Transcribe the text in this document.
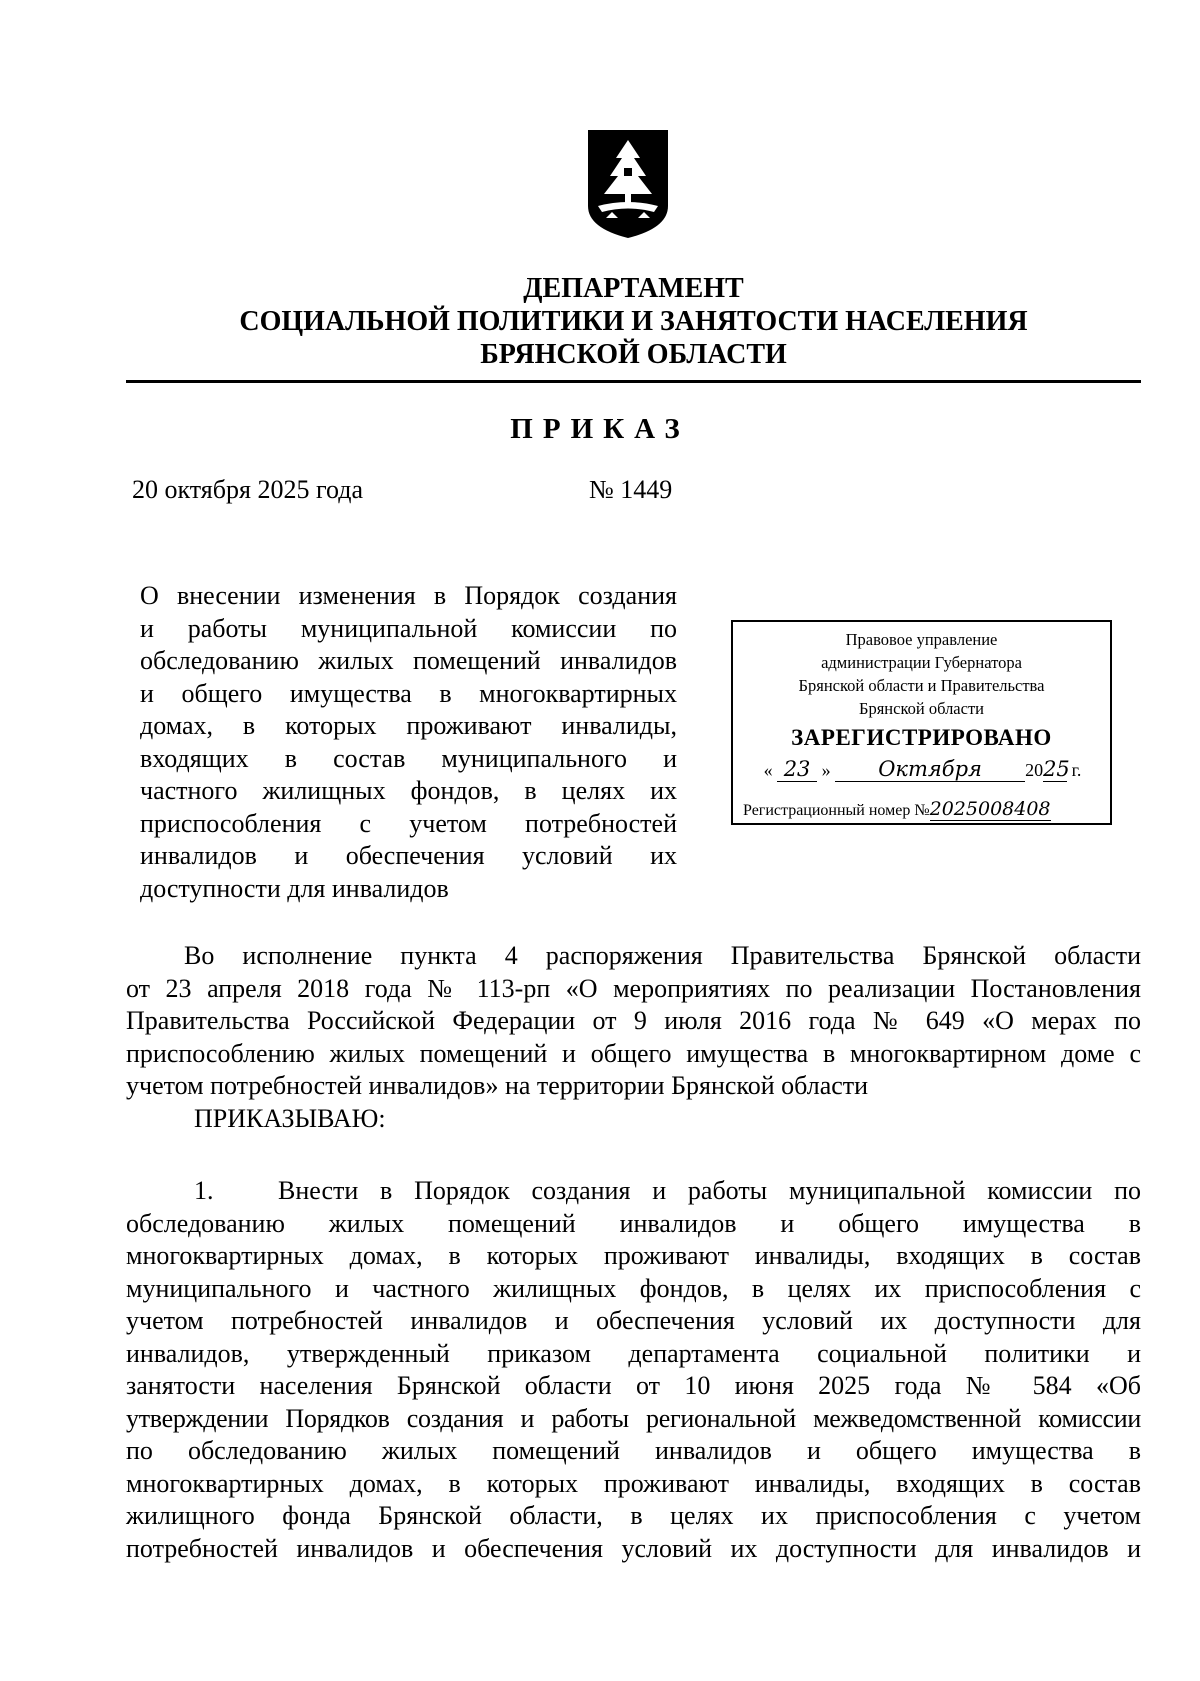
ДЕПАРТАМЕНТ
СОЦИАЛЬНОЙ ПОЛИТИКИ И ЗАНЯТОСТИ НАСЕЛЕНИЯ
БРЯНСКОЙ ОБЛАСТИ
ПРИКАЗ
20 октября 2025 года	№ 1449
О внесении изменения в Порядок создания
и работы муниципальной комиссии по
обследованию жилых помещений инвалидов
и общего имущества в многоквартирных
домах, в которых проживают инвалиды,
входящих в состав муниципального и
частного жилищных фондов, в целях их
приспособления с учетом потребностей
инвалидов и обеспечения условий их
доступности для инвалидов
Правовое управление
администрации Губернатора
Брянской области и Правительства
Брянской области
ЗАРЕГИСТРИРОВАНО
« 23 » Октября 2025 г.
Регистрационный номер №2025008408
Во исполнение пункта 4 распоряжения Правительства Брянской области
от 23 апреля 2018 года № 113-рп «О мероприятиях по реализации Постановления
Правительства Российской Федерации от 9 июля 2016 года № 649 «О мерах по
приспособлению жилых помещений и общего имущества в многоквартирном доме с
учетом потребностей инвалидов» на территории Брянской области
ПРИКАЗЫВАЮ:
1.	Внести в Порядок создания и работы муниципальной комиссии по
обследованию жилых помещений инвалидов и общего имущества в
многоквартирных домах, в которых проживают инвалиды, входящих в состав
муниципального и частного жилищных фондов, в целях их приспособления с
учетом потребностей инвалидов и обеспечения условий их доступности для
инвалидов, утвержденный приказом департамента социальной политики и
занятости населения Брянской области от 10 июня 2025 года № 584 «Об
утверждении Порядков создания и работы региональной межведомственной комиссии
по обследованию жилых помещений инвалидов и общего имущества в
многоквартирных домах, в которых проживают инвалиды, входящих в состав
жилищного фонда Брянской области, в целях их приспособления с учетом
потребностей инвалидов и обеспечения условий их доступности для инвалидов и
